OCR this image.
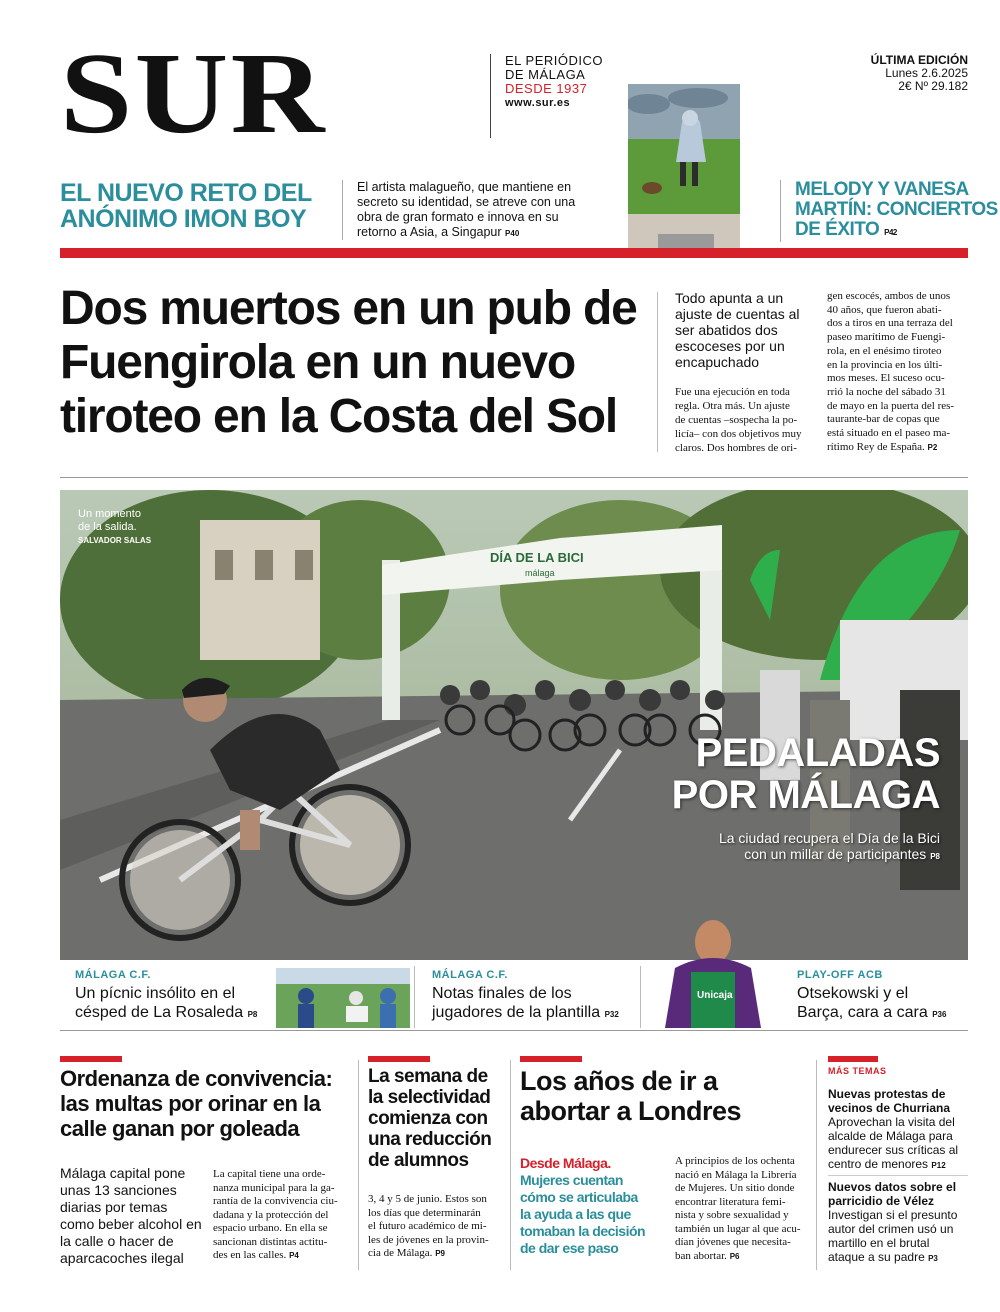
SUR	EL PERIÓDICO
DE MÁLAGA
DESDE 1937
www.sur.es
ÚLTIMA EDICIÓN
Lunes 2.6.2025
2€ Nº 29.182
EL NUEVO RETO DEL
ANÓNIMO IMON BOY
El artista malagueño, que mantiene en
secreto su identidad, se atreve con una
obra de gran formato e innova en su
retorno a Asia, a Singapur P40
MELODY Y VANESA
MARTÍN: CONCIERTOS
DE ÉXITO P42
Dos muertos en un pub de
Fuengirola en un nuevo
tiroteo en la Costa del Sol
Todo apunta a un
ajuste de cuentas al
ser abatidos dos
escoceses por un
encapuchado
Fue una ejecución en toda
regla. Otra más. Un ajuste
de cuentas –sospecha la po-
licía– con dos objetivos muy
claros. Dos hombres de ori-
gen escocés, ambos de unos
40 años, que fueron abati-
dos a tiros en una terraza del
paseo marítimo de Fuengi-
rola, en el enésimo tiroteo
en la provincia en los últi-
mos meses. El suceso ocu-
rrió la noche del sábado 31
de mayo en la puerta del res-
taurante-bar de copas que
está situado en el paseo ma-
rítimo Rey de España. P2
DÍA DE LA BICI
málaga
Un momento
de la salida.
SALVADOR SALAS
PEDALADAS
POR MÁLAGA
La ciudad recupera el Día de la Bici
con un millar de participantes P8
MÁLAGA C.F.
Un pícnic insólito en el
césped de La Rosaleda P8
MÁLAGA C.F.
Notas finales de los
jugadores de la plantilla P32
Unicaja
PLAY-OFF ACB
Otsekowski y el
Barça, cara a cara P36
Ordenanza de convivencia:
las multas por orinar en la
calle ganan por goleada
Málaga capital pone
unas 13 sanciones
diarias por temas
como beber alcohol en
la calle o hacer de
aparcacoches ilegal
La capital tiene una orde-
nanza municipal para la ga-
rantía de la convivencia ciu-
dadana y la protección del
espacio urbano. En ella se
sancionan distintas actitu-
des en las calles. P4
La semana de
la selectividad
comienza con
una reducción
de alumnos
3, 4 y 5 de junio. Estos son
los días que determinarán
el futuro académico de mi-
les de jóvenes en la provin-
cia de Málaga. P9
Los años de ir a
abortar a Londres
Desde Málaga.
Mujeres cuentan
cómo se articulaba
la ayuda a las que
tomaban la decisión
de dar ese paso
A principios de los ochenta
nació en Málaga la Librería
de Mujeres. Un sitio donde
encontrar literatura femi-
nista y sobre sexualidad y
también un lugar al que acu-
dían jóvenes que necesita-
ban abortar. P6
MÁS TEMAS
Nuevas protestas de
vecinos de Churriana
Aprovechan la visita del
alcalde de Málaga para
endurecer sus críticas al
centro de menores P12
Nuevos datos sobre el
parricidio de Vélez
Investigan si el presunto
autor del crimen usó un
martillo en el brutal
ataque a su padre P3
